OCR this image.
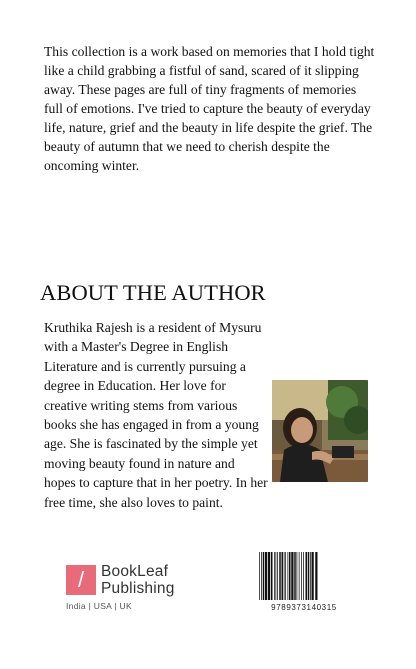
This collection is a work based on memories that I hold tight like a child grabbing a fistful of sand, scared of it slipping away. These pages are full of tiny fragments of memories full of emotions. I've tried to capture the beauty of everyday life, nature, grief and the beauty in life despite the grief. The beauty of autumn that we need to cherish despite the oncoming winter.

ABOUT THE AUTHOR

Kruthika Rajesh is a resident of Mysuru with a Master's Degree in English Literature and is currently pursuing a degree in Education. Her love for creative writing stems from various books she has engaged in from a young age. She is fascinated by the simple yet moving beauty found in nature and hopes to capture that in her poetry. In her free time, she also loves to paint.

/	BookLeaf
Publishing
India | USA | UK	9789373140315
